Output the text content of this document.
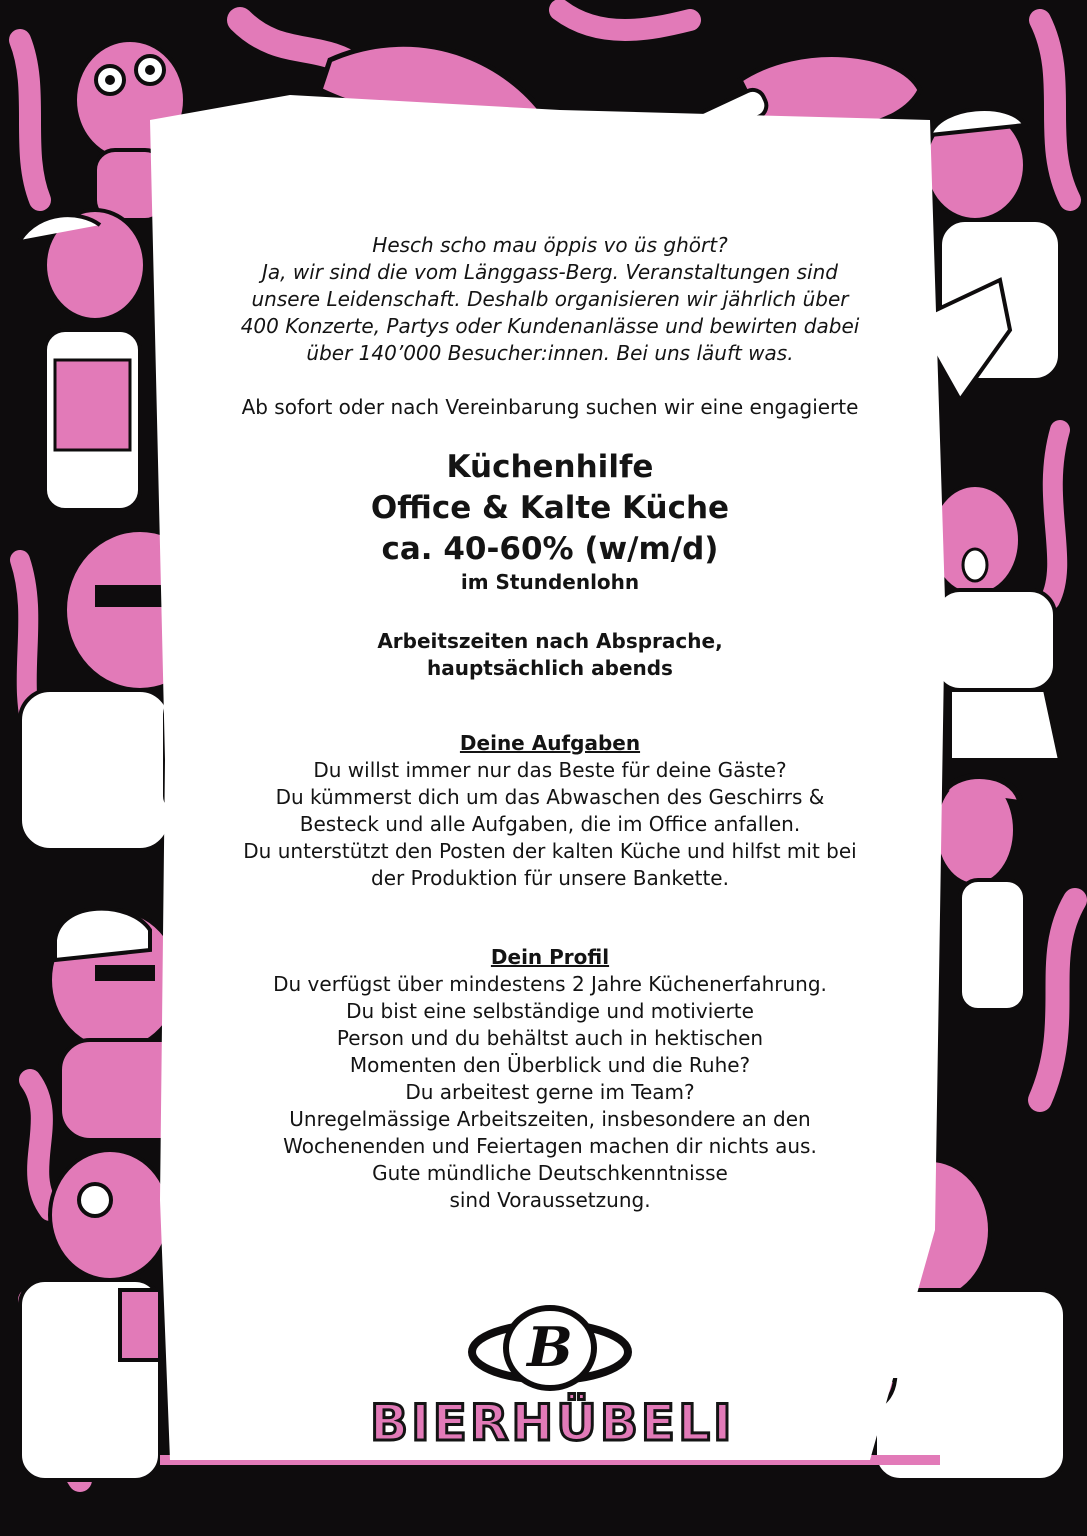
Hesch scho mau öppis vo üs ghört?
Ja, wir sind die vom Länggass-Berg. Veranstaltungen sind
unsere Leidenschaft. Deshalb organisieren wir jährlich über
400 Konzerte, Partys oder Kundenanlässe und bewirten dabei
über 140’000 Besucher:innen. Bei uns läuft was.
Ab sofort oder nach Vereinbarung suchen wir eine engagierte
Küchenhilfe
Office & Kalte Küche
ca. 40-60% (w/m/d)
im Stundenlohn
Arbeitszeiten nach Absprache,
hauptsächlich abends
Deine Aufgaben
Du willst immer nur das Beste für deine Gäste?
Du kümmerst dich um das Abwaschen des Geschirrs &
Besteck und alle Aufgaben, die im Office anfallen.
Du unterstützt den Posten der kalten Küche und hilfst mit bei
der Produktion für unsere Bankette.
Dein Profil
Du verfügst über mindestens 2 Jahre Küchenerfahrung.
Du bist eine selbständige und motivierte
Person und du behältst auch in hektischen
Momenten den Überblick und die Ruhe?
Du arbeitest gerne im Team?
Unregelmässige Arbeitszeiten, insbesondere an den
Wochenenden und Feiertagen machen dir nichts aus.
Gute mündliche Deutschkenntnisse
sind Voraussetzung.
B
BIERHÜBELI
